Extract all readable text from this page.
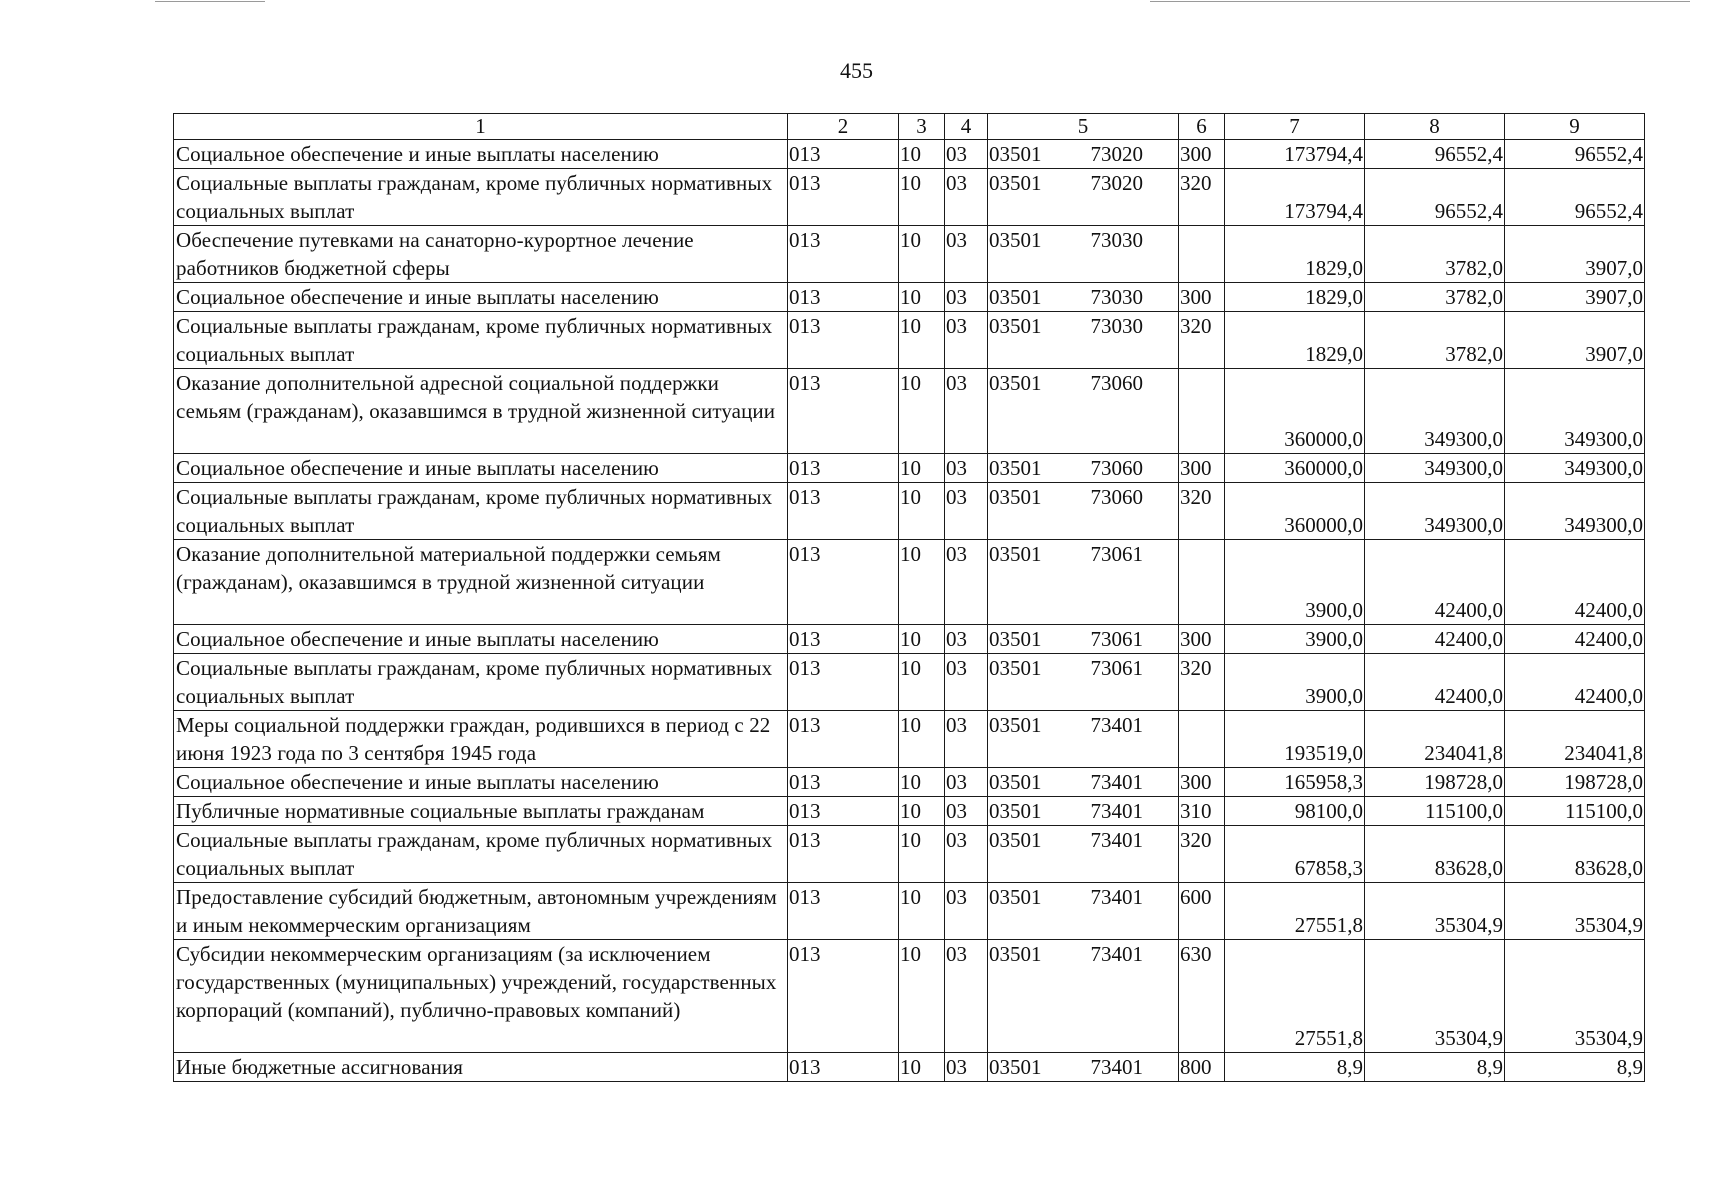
455
1	2	3	4	5	6	7	8	9
Социальное обеспечение и иные выплаты населению	013	10	03	03501 73020	300	173794,4	96552,4	96552,4
Социальные выплаты гражданам, кроме публичных нормативных социальных выплат	013	10	03	03501 73020	320	173794,4	96552,4	96552,4
Обеспечение путевками на санаторно-курортное лечение работников бюджетной сферы	013	10	03	03501 73030		1829,0	3782,0	3907,0
Социальное обеспечение и иные выплаты населению	013	10	03	03501 73030	300	1829,0	3782,0	3907,0
Социальные выплаты гражданам, кроме публичных нормативных социальных выплат	013	10	03	03501 73030	320	1829,0	3782,0	3907,0
Оказание дополнительной адресной социальной поддержки семьям (гражданам), оказавшимся в трудной жизненной ситуации	013	10	03	03501 73060		360000,0	349300,0	349300,0
Социальное обеспечение и иные выплаты населению	013	10	03	03501 73060	300	360000,0	349300,0	349300,0
Социальные выплаты гражданам, кроме публичных нормативных социальных выплат	013	10	03	03501 73060	320	360000,0	349300,0	349300,0
Оказание дополнительной материальной поддержки семьям (гражданам), оказавшимся в трудной жизненной ситуации	013	10	03	03501 73061		3900,0	42400,0	42400,0
Социальное обеспечение и иные выплаты населению	013	10	03	03501 73061	300	3900,0	42400,0	42400,0
Социальные выплаты гражданам, кроме публичных нормативных социальных выплат	013	10	03	03501 73061	320	3900,0	42400,0	42400,0
Меры социальной поддержки граждан, родившихся в период с 22 июня 1923 года по 3 сентября 1945 года	013	10	03	03501 73401		193519,0	234041,8	234041,8
Социальное обеспечение и иные выплаты населению	013	10	03	03501 73401	300	165958,3	198728,0	198728,0
Публичные нормативные социальные выплаты гражданам	013	10	03	03501 73401	310	98100,0	115100,0	115100,0
Социальные выплаты гражданам, кроме публичных нормативных социальных выплат	013	10	03	03501 73401	320	67858,3	83628,0	83628,0
Предоставление субсидий бюджетным, автономным учреждениям и иным некоммерческим организациям	013	10	03	03501 73401	600	27551,8	35304,9	35304,9
Субсидии некоммерческим организациям (за исключением государственных (муниципальных) учреждений, государственных корпораций (компаний), публично-правовых компаний)	013	10	03	03501 73401	630	27551,8	35304,9	35304,9
Иные бюджетные ассигнования	013	10	03	03501 73401	800	8,9	8,9	8,9
